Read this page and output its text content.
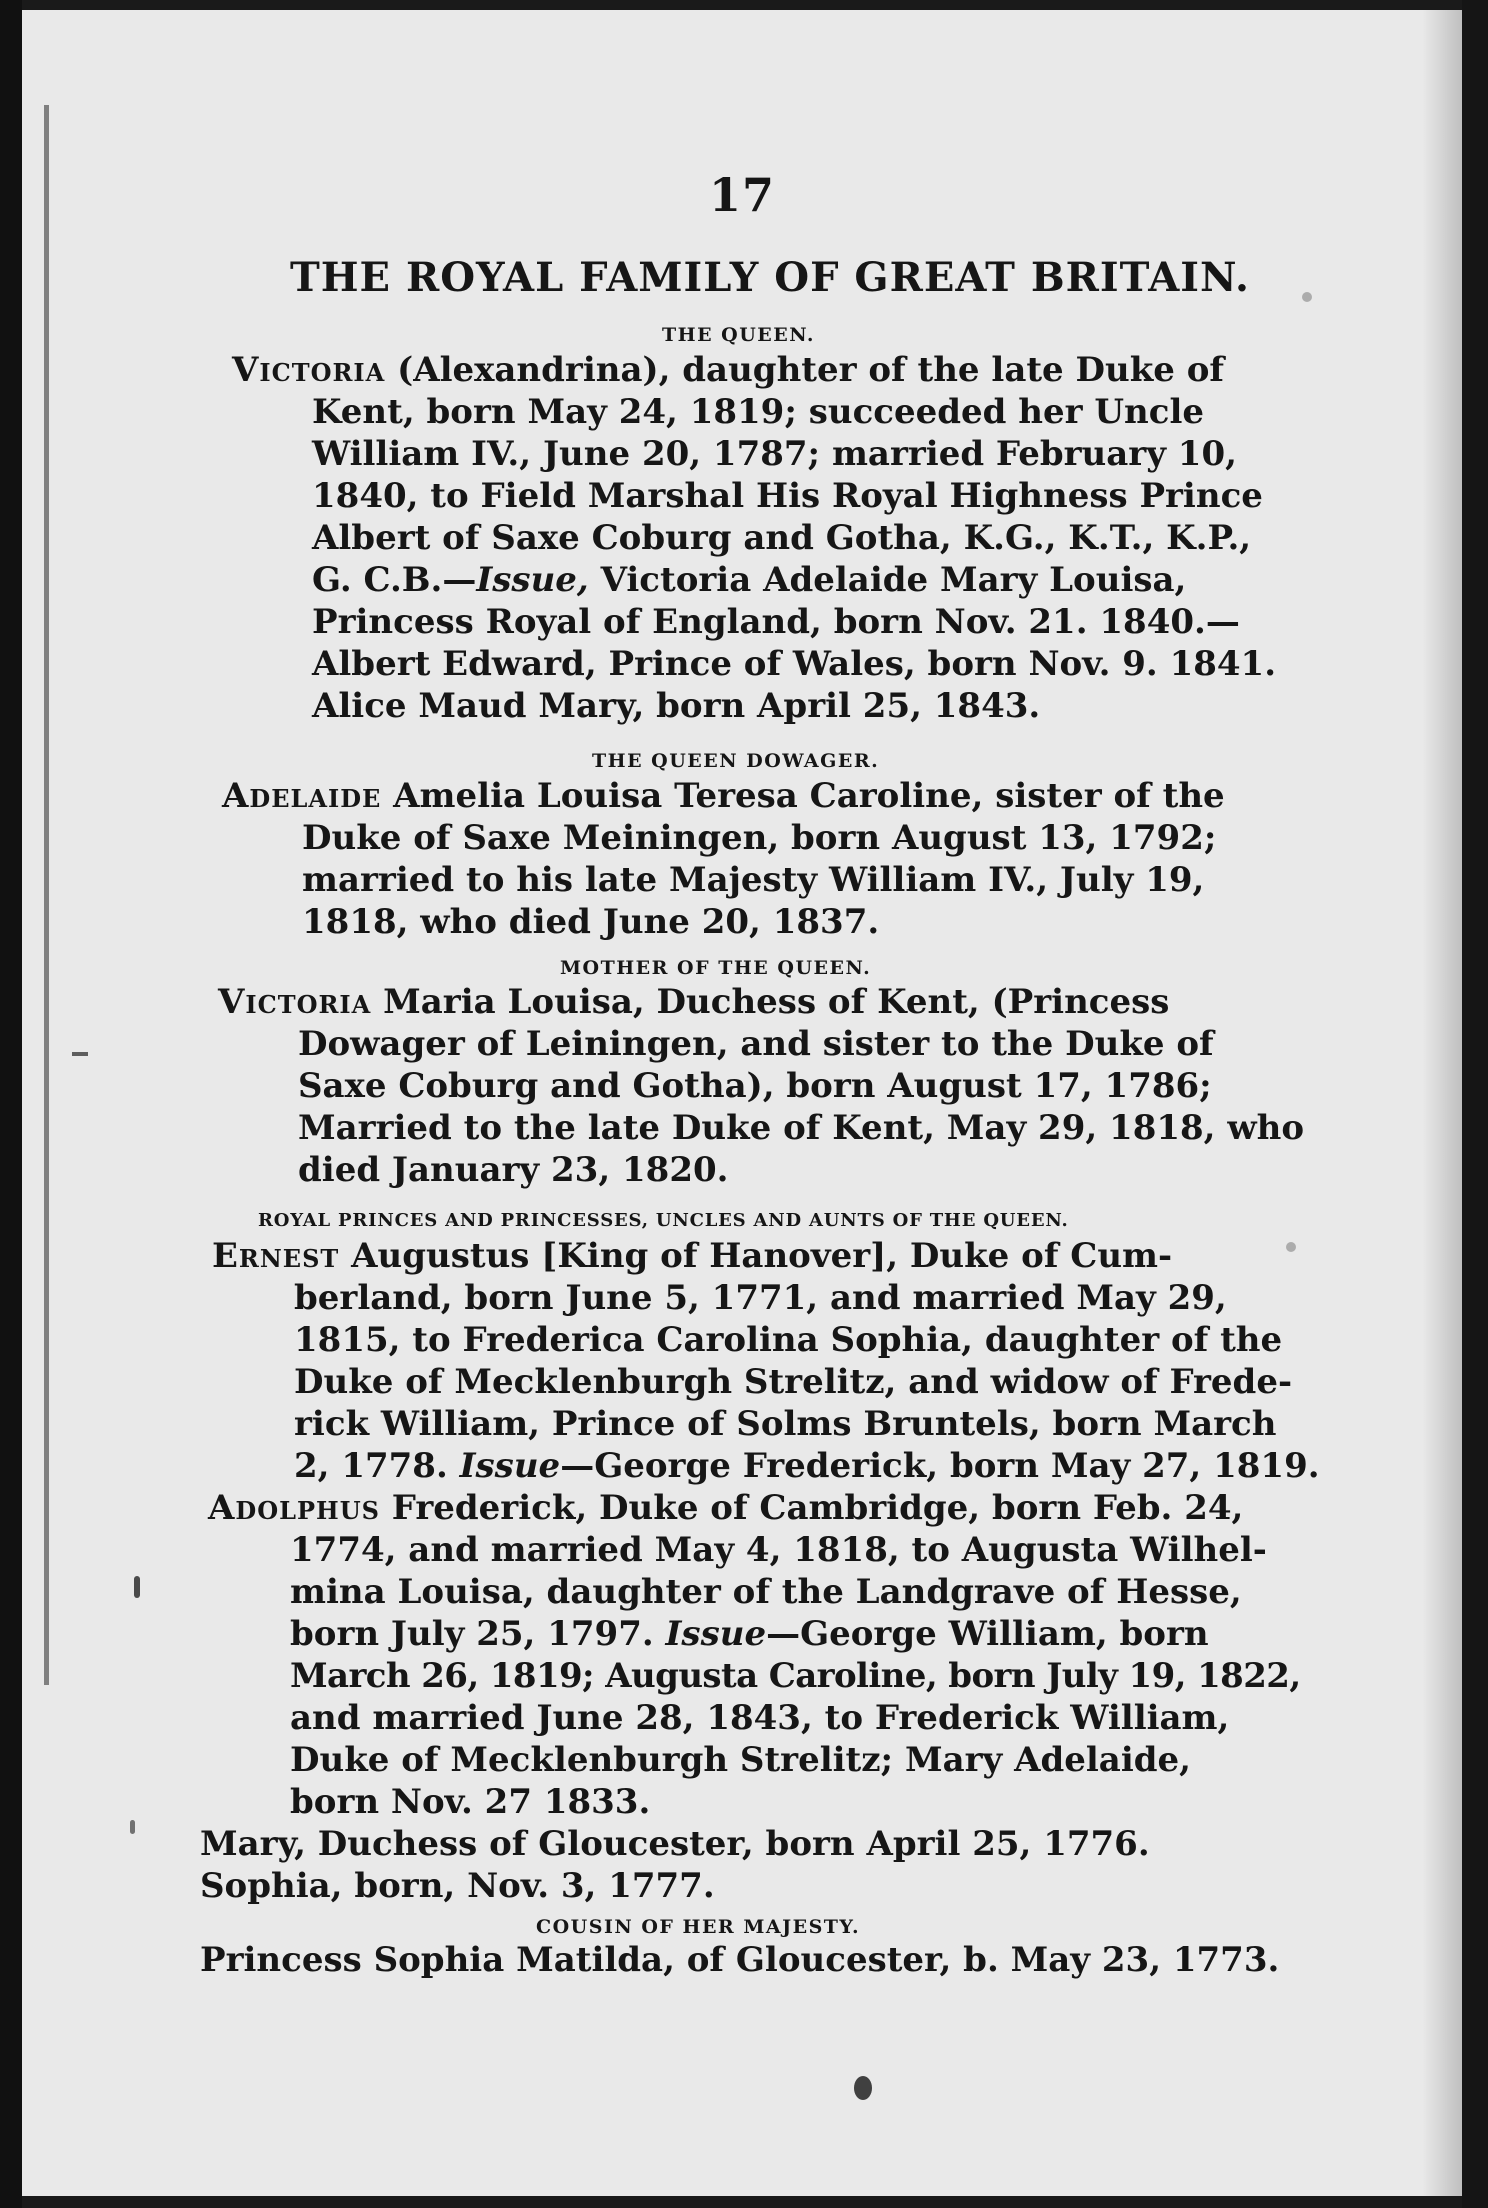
17
THE ROYAL FAMILY OF GREAT BRITAIN.
THE QUEEN.
Victoria (Alexandrina), daughter of the late Duke of
Kent, born May 24, 1819; succeeded her Uncle
William IV., June 20, 1787; married February 10,
1840, to Field Marshal His Royal Highness Prince
Albert of Saxe Coburg and Gotha, K.G., K.T., K.P.,
G. C.B.—Issue, Victoria Adelaide Mary Louisa,
Princess Royal of England, born Nov. 21. 1840.—
Albert Edward, Prince of Wales, born Nov. 9. 1841.
Alice Maud Mary, born April 25, 1843.
THE QUEEN DOWAGER.
Adelaide Amelia Louisa Teresa Caroline, sister of the
Duke of Saxe Meiningen, born August 13, 1792;
married to his late Majesty William IV., July 19,
1818, who died June 20, 1837.
MOTHER OF THE QUEEN.
Victoria Maria Louisa, Duchess of Kent, (Princess
Dowager of Leiningen, and sister to the Duke of
Saxe Coburg and Gotha), born August 17, 1786;
Married to the late Duke of Kent, May 29, 1818, who
died January 23, 1820.
ROYAL PRINCES AND PRINCESSES, UNCLES AND AUNTS OF THE QUEEN.
Ernest Augustus [King of Hanover], Duke of Cum-
berland, born June 5, 1771, and married May 29,
1815, to Frederica Carolina Sophia, daughter of the
Duke of Mecklenburgh Strelitz, and widow of Frede-
rick William, Prince of Solms Bruntels, born March
2, 1778. Issue—George Frederick, born May 27, 1819.
Adolphus Frederick, Duke of Cambridge, born Feb. 24,
1774, and married May 4, 1818, to Augusta Wilhel-
mina Louisa, daughter of the Landgrave of Hesse,
born July 25, 1797. Issue—George William, born
March 26, 1819; Augusta Caroline, born July 19, 1822,
and married June 28, 1843, to Frederick William,
Duke of Mecklenburgh Strelitz; Mary Adelaide,
born Nov. 27 1833.
Mary, Duchess of Gloucester, born April 25, 1776.
Sophia, born, Nov. 3, 1777.
COUSIN OF HER MAJESTY.
Princess Sophia Matilda, of Gloucester, b. May 23, 1773.
